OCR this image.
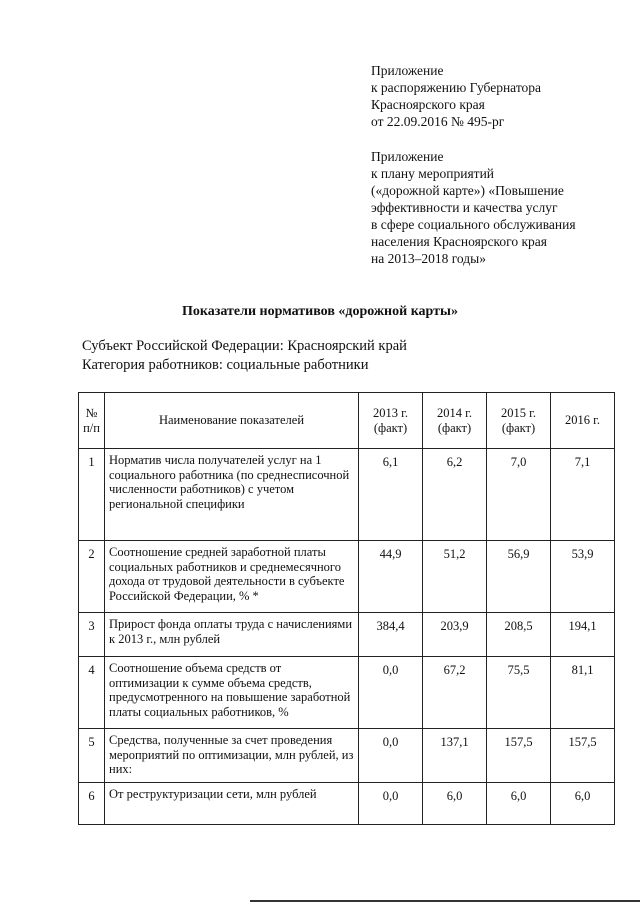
Приложение
к распоряжению Губернатора
Красноярского края
от 22.09.2016 № 495-рг
Приложение
к плану мероприятий
(«дорожной карте») «Повышение
эффективности и качества услуг
в сфере социального обслуживания
населения Красноярского края
на 2013–2018 годы»
Показатели нормативов «дорожной карты»
Субъект Российской Федерации: Красноярский край
Категория работников: социальные работники
№ п/п	Наименование показателей	2013 г. (факт)	2014 г. (факт)	2015 г. (факт)	2016 г.
1	Норматив числа получателей услуг на 1 социального работника (по среднесписочной численности работников) с учетом региональной специфики	6,1	6,2	7,0	7,1
2	Соотношение средней заработной платы социальных работников и среднемесячного дохода от трудовой деятельности в субъекте Российской Федерации, % *	44,9	51,2	56,9	53,9
3	Прирост фонда оплаты труда с начислениями к 2013 г., млн рублей	384,4	203,9	208,5	194,1
4	Соотношение объема средств от оптимизации к сумме объема средств, предусмотренного на повышение заработной платы социальных работников, %	0,0	67,2	75,5	81,1
5	Средства, полученные за счет проведения мероприятий по оптимизации, млн рублей, из них:	0,0	137,1	157,5	157,5
6	От реструктуризации сети, млн рублей	0,0	6,0	6,0	6,0
